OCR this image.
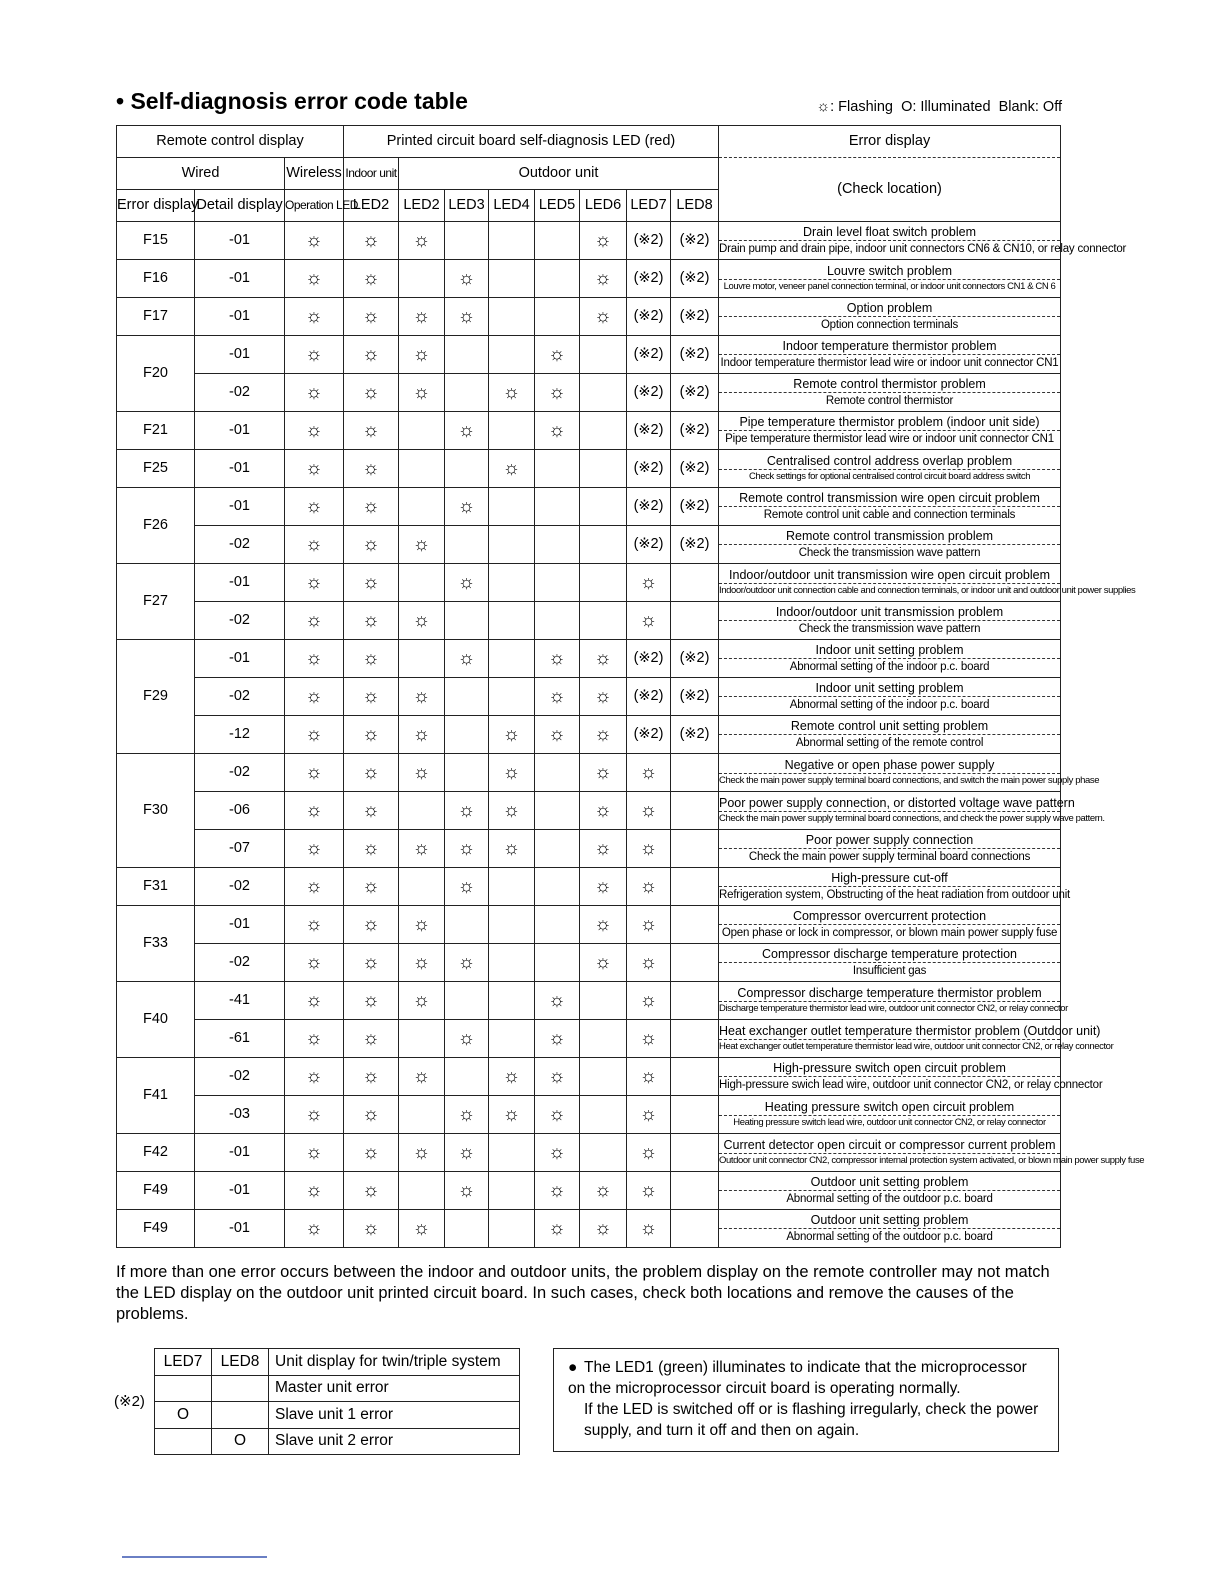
• Self-diagnosis error code table	☼: Flashing O: Illuminated Blank: Off
Remote control display			Printed circuit board self-diagnosis LED (red)								Error display
Wired		Wireless	Indoor unit	Outdoor unit							(Check location)
Error display	Detail display	Operation LED	LED2	LED2	LED3	LED4	LED5	LED6	LED7	LED8	
F15	-01	☼	☼	☼				☼	(※2)	(※2)	Drain level float switch problem
Drain pump and drain pipe, indoor unit connectors CN6 & CN10, or relay connector

F16	-01	☼	☼		☼			☼	(※2)	(※2)	Louvre switch problem
Louvre motor, veneer panel connection terminal, or indoor unit connectors CN1 & CN 6

F17	-01	☼	☼	☼	☼			☼	(※2)	(※2)	Option problem
Option connection terminals

F20	-01	☼	☼	☼			☼		(※2)	(※2)	Indoor temperature thermistor problem
Indoor temperature thermistor lead wire or indoor unit connector CN1

	-02	☼	☼	☼		☼	☼		(※2)	(※2)	Remote control thermistor problem
Remote control thermistor

F21	-01	☼	☼		☼		☼		(※2)	(※2)	Pipe temperature thermistor problem (indoor unit side)
Pipe temperature thermistor lead wire or indoor unit connector CN1

F25	-01	☼	☼			☼			(※2)	(※2)	Centralised control address overlap problem
Check settings for optional centralised control circuit board address switch

F26	-01	☼	☼		☼				(※2)	(※2)	Remote control transmission wire open circuit problem
Remote control unit cable and connection terminals

	-02	☼	☼	☼					(※2)	(※2)	Remote control transmission problem
Check the transmission wave pattern

F27	-01	☼	☼		☼				☼		Indoor/outdoor unit transmission wire open circuit problem
Indoor/outdoor unit connection cable and connection terminals, or indoor unit and outdoor unit power supplies

	-02	☼	☼	☼					☼		Indoor/outdoor unit transmission problem
Check the transmission wave pattern

F29	-01	☼	☼		☼		☼	☼	(※2)	(※2)	Indoor unit setting problem
Abnormal setting of the indoor p.c. board

	-02	☼	☼	☼			☼	☼	(※2)	(※2)	Indoor unit setting problem
Abnormal setting of the indoor p.c. board

	-12	☼	☼	☼		☼	☼	☼	(※2)	(※2)	Remote control unit setting problem
Abnormal setting of the remote control

F30	-02	☼	☼	☼		☼		☼	☼		Negative or open phase power supply
Check the main power supply terminal board connections, and switch the main power supply phase

	-06	☼	☼		☼	☼		☼	☼		Poor power supply connection, or distorted voltage wave pattern
Check the main power supply terminal board connections, and check the power supply wave pattern.

	-07	☼	☼	☼	☼	☼		☼	☼		Poor power supply connection
Check the main power supply terminal board connections

F31	-02	☼	☼		☼			☼	☼		High-pressure cut-off
Refrigeration system, Obstructing of the heat radiation from outdoor unit

F33	-01	☼	☼	☼				☼	☼		Compressor overcurrent protection
Open phase or lock in compressor, or blown main power supply fuse

	-02	☼	☼	☼	☼			☼	☼		Compressor discharge temperature protection
Insufficient gas

F40	-41	☼	☼	☼			☼		☼		Compressor discharge temperature thermistor problem
Discharge temperature thermistor lead wire, outdoor unit connector CN2, or relay connector

	-61	☼	☼		☼		☼		☼		Heat exchanger outlet temperature thermistor problem (Outdoor unit)
Heat exchanger outlet temperature thermistor lead wire, outdoor unit connector CN2, or relay connector

F41	-02	☼	☼	☼		☼	☼		☼		High-pressure switch open circuit problem
High-pressure swich lead wire, outdoor unit connector CN2, or relay connector

	-03	☼	☼		☼	☼	☼		☼		Heating pressure switch open circuit problem
Heating pressure switch lead wire, outdoor unit connector CN2, or relay connector

F42	-01	☼	☼	☼	☼		☼		☼		Current detector open circuit or compressor current problem
Outdoor unit connector CN2, compressor internal protection system activated, or blown main power supply fuse

F49	-01	☼	☼		☼		☼	☼	☼		Outdoor unit setting problem
Abnormal setting of the outdoor p.c. board

F49	-01	☼	☼	☼			☼	☼	☼		Outdoor unit setting problem
Abnormal setting of the outdoor p.c. board
If more than one error occurs between the indoor and outdoor units, the problem display on the remote controller may not match the LED display on the outdoor unit printed circuit board. In such cases, check both locations and remove the causes of the problems.
(※2)
LED7	LED8	Unit display for twin/triple system
		Master unit error
O		Slave unit 1 error
	O	Slave unit 2 error
● The LED1 (green) illuminates to indicate that the microprocessor on the microprocessor circuit board is operating normally.
If the LED is switched off or is flashing irregularly, check the power supply, and turn it off and then on again.
